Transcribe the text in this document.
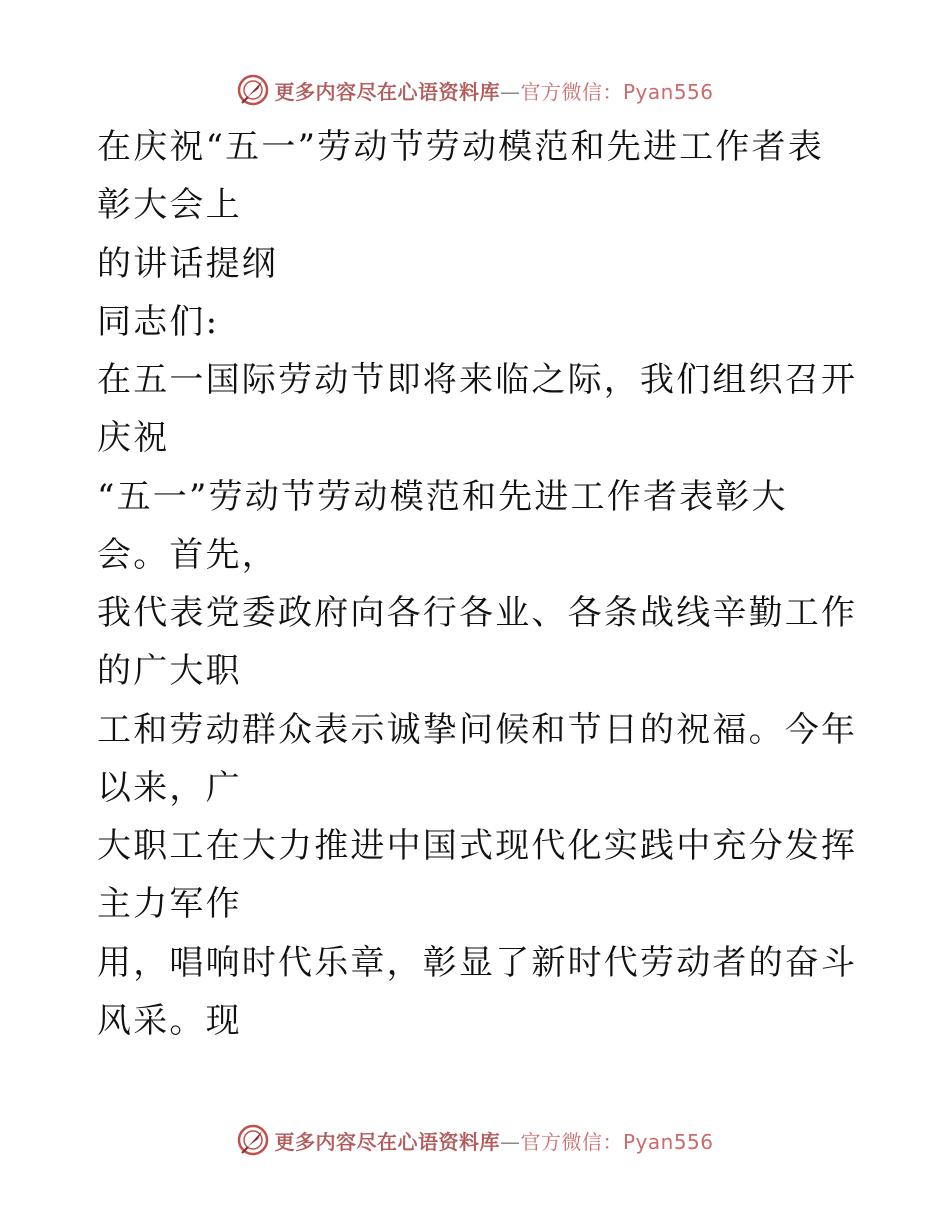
更多内容尽在心语资料库—官方微信：Pyan556
在庆祝“五一”劳动节劳动模范和先进工作者表
彰大会上
的讲话提纲
同志们:
在五一国际劳动节即将来临之际，我们组织召开
庆祝
“五一”劳动节劳动模范和先进工作者表彰大
会。首先，
我代表党委政府向各行各业、各条战线辛勤工作
的广大职
工和劳动群众表示诚挚问候和节日的祝福。今年
以来，广
大职工在大力推进中国式现代化实践中充分发挥
主力军作
用，唱响时代乐章，彰显了新时代劳动者的奋斗
风采。现
更多内容尽在心语资料库—官方微信：Pyan556
